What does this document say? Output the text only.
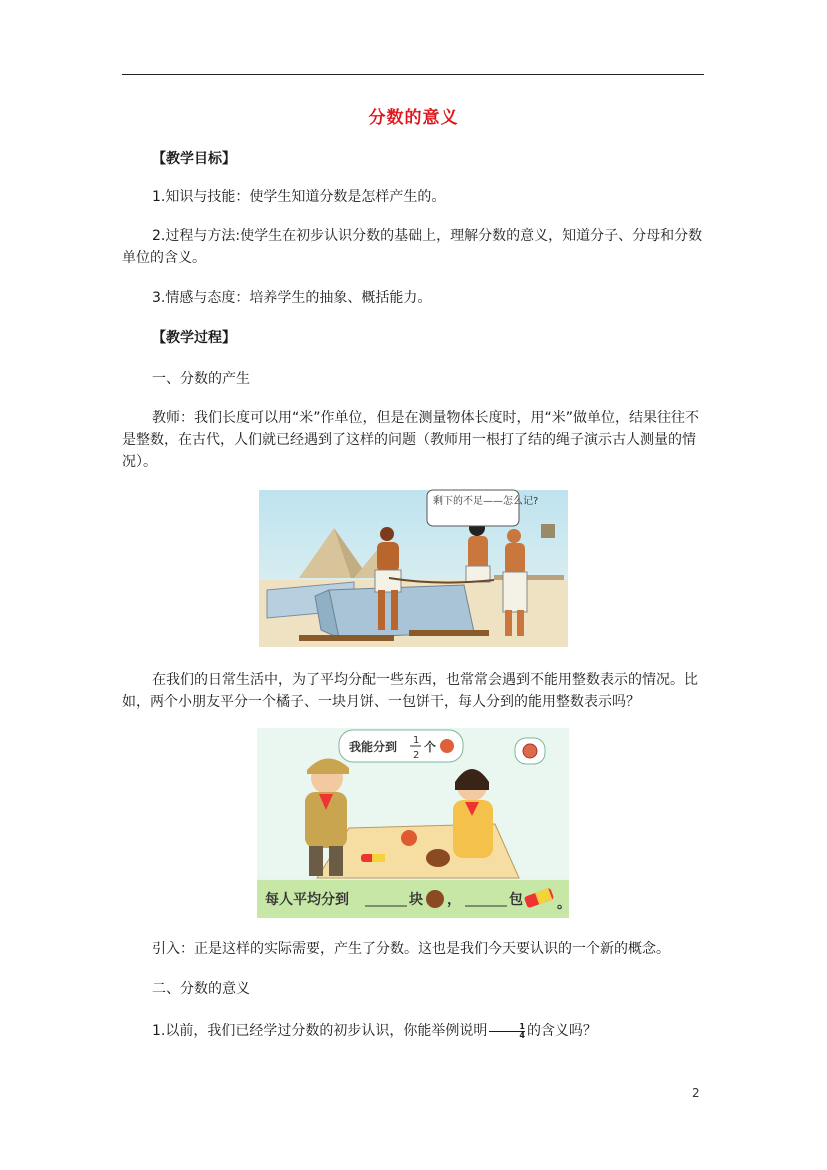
分数的意义
【教学目标】
1.知识与技能：使学生知道分数是怎样产生的。
2.过程与方法:使学生在初步认识分数的基础上，理解分数的意义，知道分子、分母和分数单位的含义。
3.情感与态度：培养学生的抽象、概括能力。
【教学过程】
一、分数的产生
教师：我们长度可以用“米”作单位，但是在测量物体长度时，用“米”做单位，结果往往不是整数，在古代，人们就已经遇到了这样的问题（教师用一根打了结的绳子演示古人测量的情况）。
剩下的不足——怎么记?
在我们的日常生活中，为了平均分配一些东西，也常常会遇到不能用整数表示的情况。比如，两个小朋友平分一个橘子、一块月饼、一包饼干，每人分到的能用整数表示吗？
我能分到 1
2
个
每人平均分到	块 ，	包 。
引入：正是这样的实际需要，产生了分数。这也是我们今天要认识的一个新的概念。
二、分数的意义
1.以前，我们已经学过分数的初步认识，你能举例说明 $\frac{1}{4}$ 的含义吗？
2
